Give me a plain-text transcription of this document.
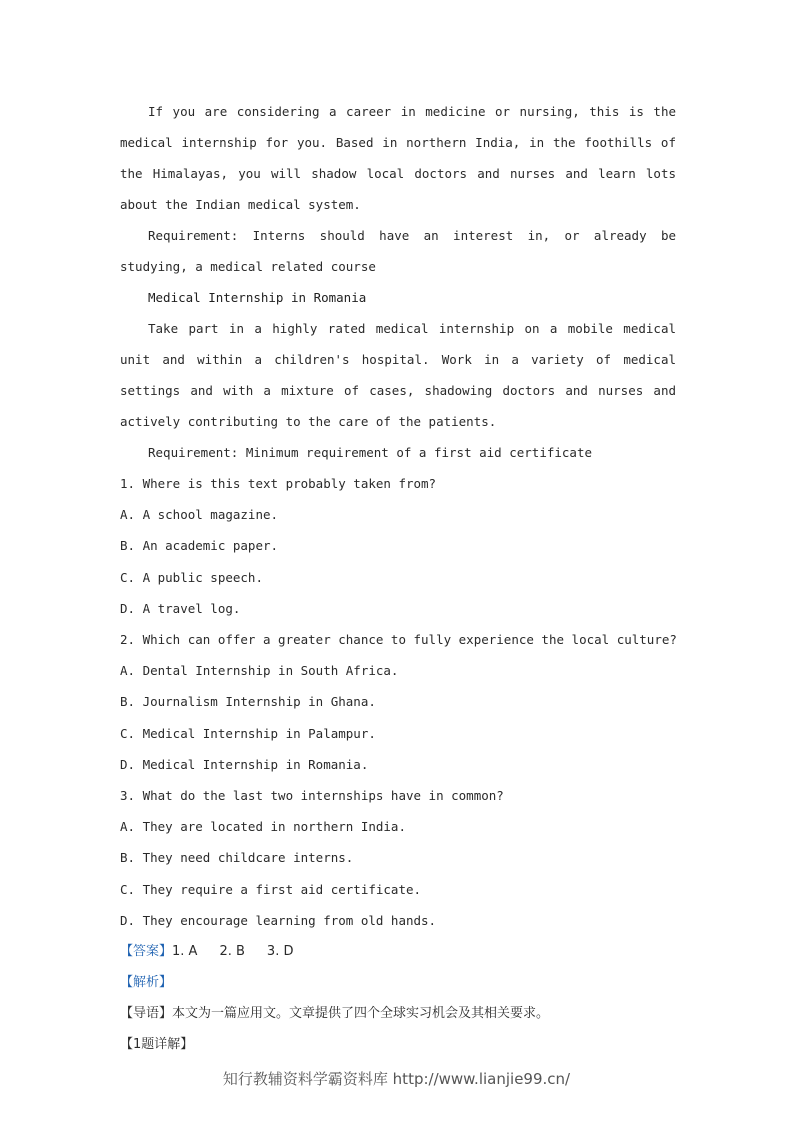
If you are considering a career in medicine or nursing, this is the medical internship for you. Based in northern India, in the foothills of the Himalayas, you will shadow local doctors and nurses and learn lots about the Indian medical system.

Requirement: Interns should have an interest in, or already be studying, a medical related course

Medical Internship in Romania

Take part in a highly rated medical internship on a mobile medical unit and within a children's hospital. Work in a variety of medical settings and with a mixture of cases, shadowing doctors and nurses and actively contributing to the care of the patients.

Requirement: Minimum requirement of a first aid certificate

1. Where is this text probably taken from?

A. A school magazine.

B. An academic paper.

C. A public speech.

D. A travel log.

2. Which can offer a greater chance to fully experience the local culture?

A. Dental Internship in South Africa.

B. Journalism Internship in Ghana.

C. Medical Internship in Palampur.

D. Medical Internship in Romania.

3. What do the last two internships have in common?

A. They are located in northern India.

B. They need childcare interns.

C. They require a first aid certificate.

D. They encourage learning from old hands.

【答案】1. A 2. B 3. D

【解析】

【导语】本文为一篇应用文。文章提供了四个全球实习机会及其相关要求。

【1题详解】

知行教辅资料学霸资料库 http://www.lianjie99.cn/
